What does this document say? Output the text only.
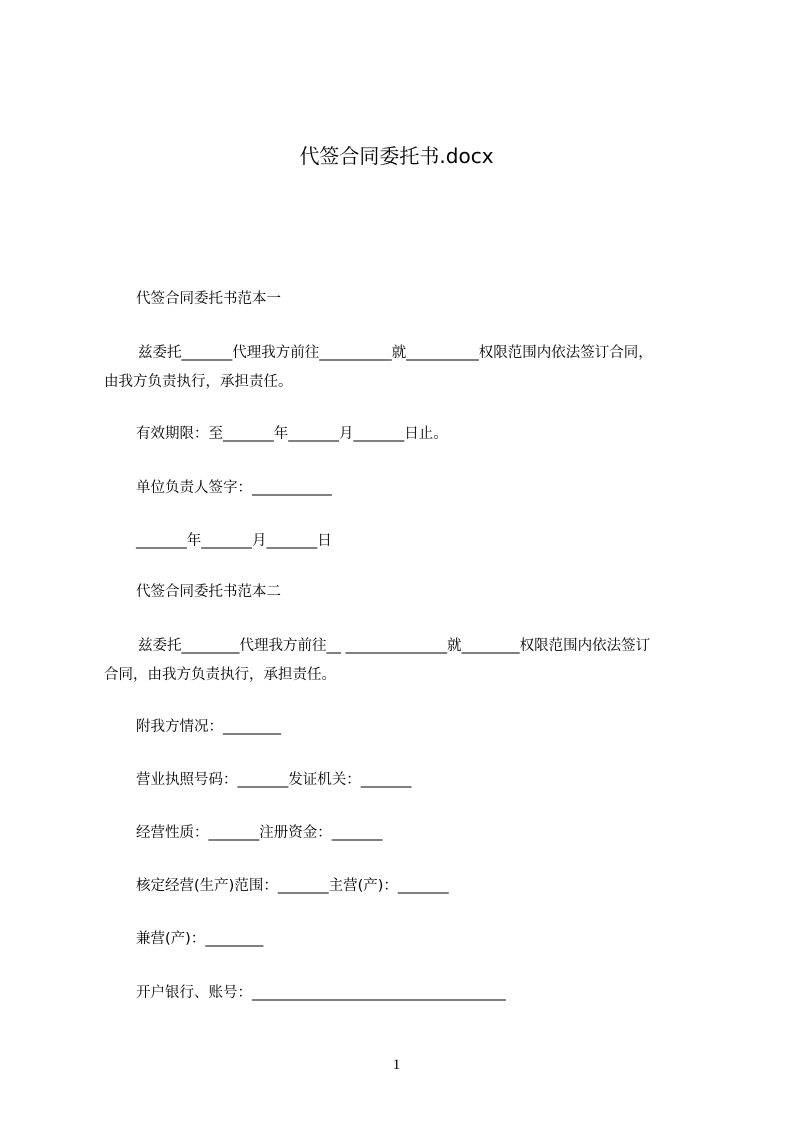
代签合同委托书.docx
代签合同委托书范本一
兹委托_______代理我方前往__________就__________权限范围内依法签订合同，
由我方负责执行，承担责任。
有效期限：至_______年_______月_______日止。
单位负责人签字：___________
_______年_______月_______日
代签合同委托书范本二
兹委托________代理我方前往__ ______________就________权限范围内依法签订
合同，由我方负责执行，承担责任。
附我方情况：________
营业执照号码：_______发证机关：_______
经营性质：_______注册资金：_______
核定经营(生产)范围：_______主营(产)：_______
兼营(产)：________
开户银行、账号：___________________________________
1
